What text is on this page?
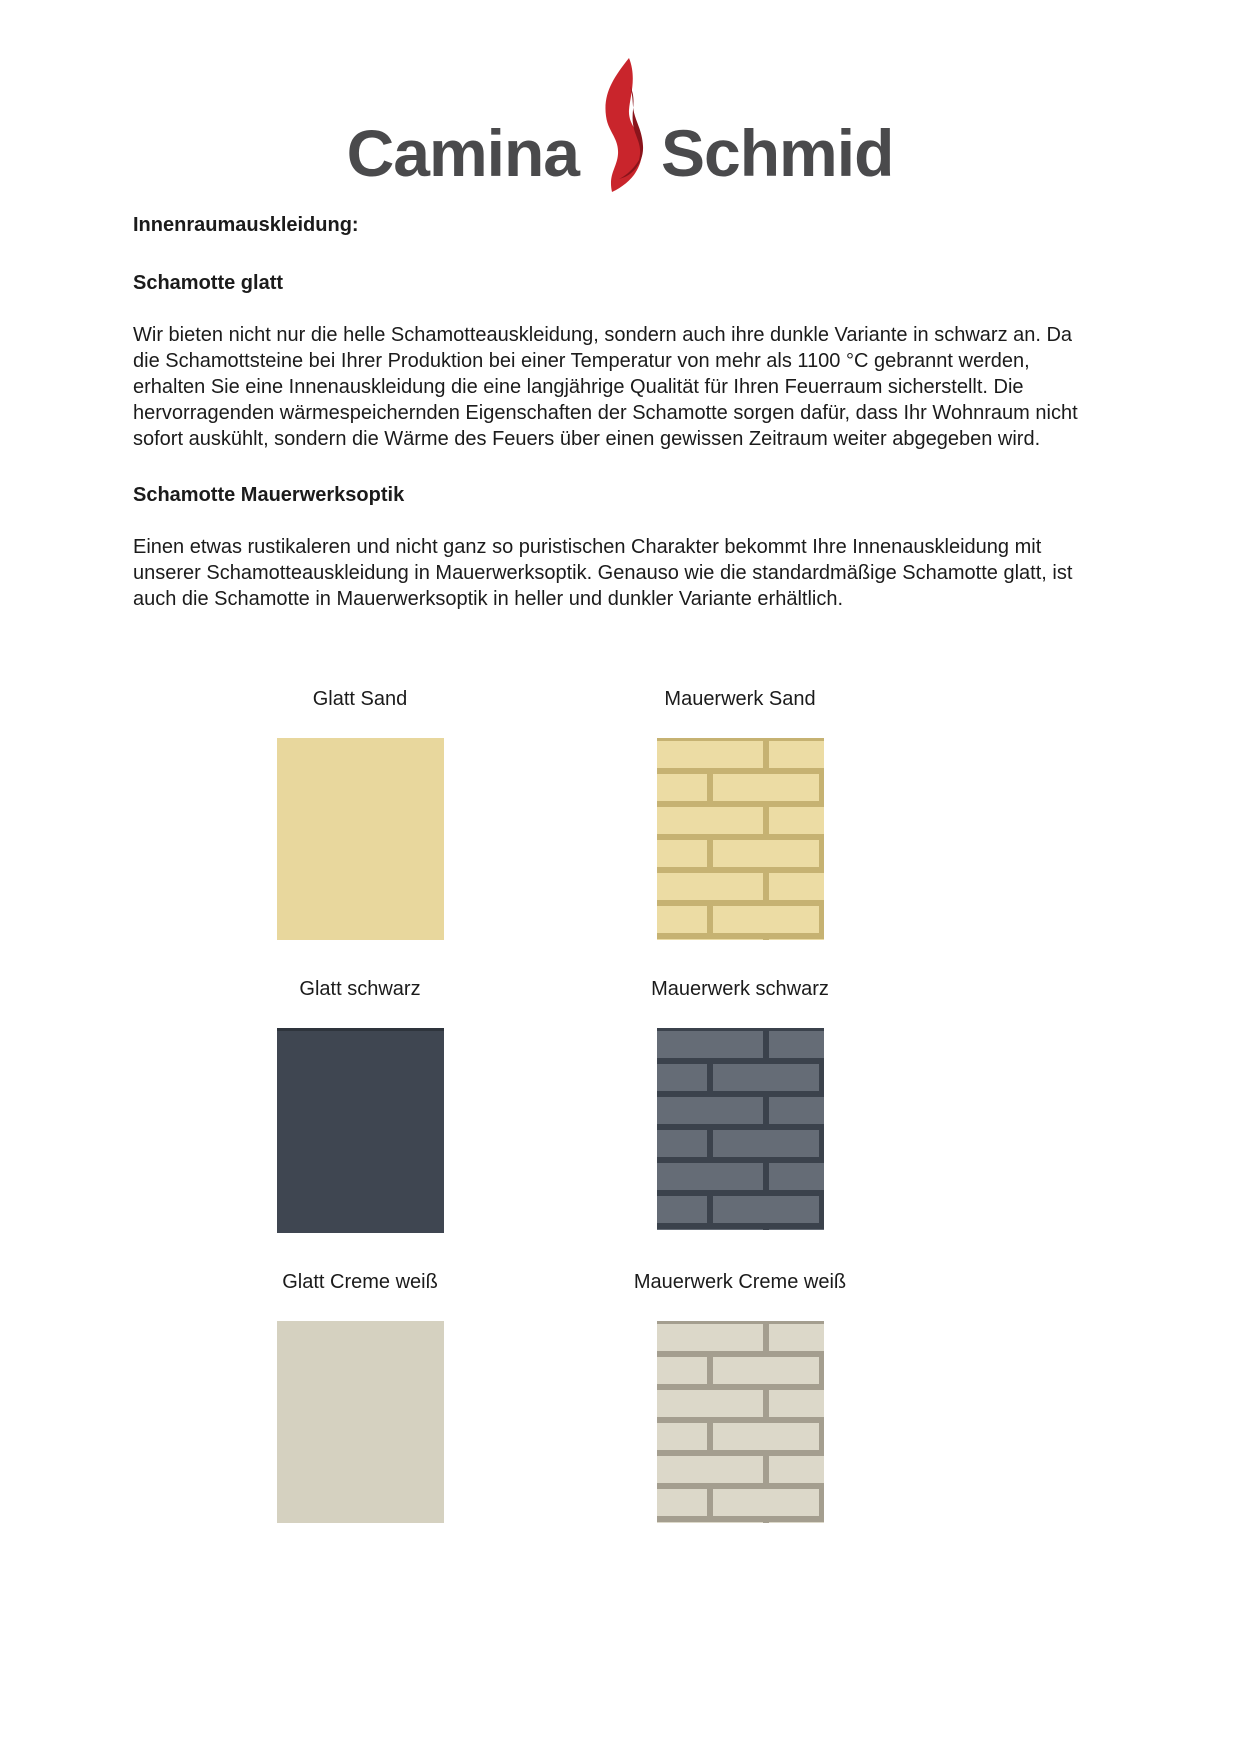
Camina Schmid

Innenraumauskleidung:

Schamotte glatt

Wir bieten nicht nur die helle Schamotteauskleidung, sondern auch ihre dunkle Variante in schwarz an. Da die Schamottsteine bei Ihrer Produktion bei einer Temperatur von mehr als 1100 °C gebrannt werden, erhalten Sie eine Innenauskleidung die eine langjährige Qualität für Ihren Feuerraum sicherstellt. Die hervorragenden wärmespeichernden Eigenschaften der Schamotte sorgen dafür, dass Ihr Wohnraum nicht sofort auskühlt, sondern die Wärme des Feuers über einen gewissen Zeitraum weiter abgegeben wird.

Schamotte Mauerwerksoptik

Einen etwas rustikaleren und nicht ganz so puristischen Charakter bekommt Ihre Innenauskleidung mit unserer Schamotteauskleidung in Mauerwerksoptik. Genauso wie die standardmäßige Schamotte glatt, ist auch die Schamotte in Mauerwerksoptik in heller und dunkler Variante erhältlich.

Glatt Sand	Mauerwerk Sand
Glatt schwarz	Mauerwerk schwarz
Glatt Creme weiß	Mauerwerk Creme weiß
